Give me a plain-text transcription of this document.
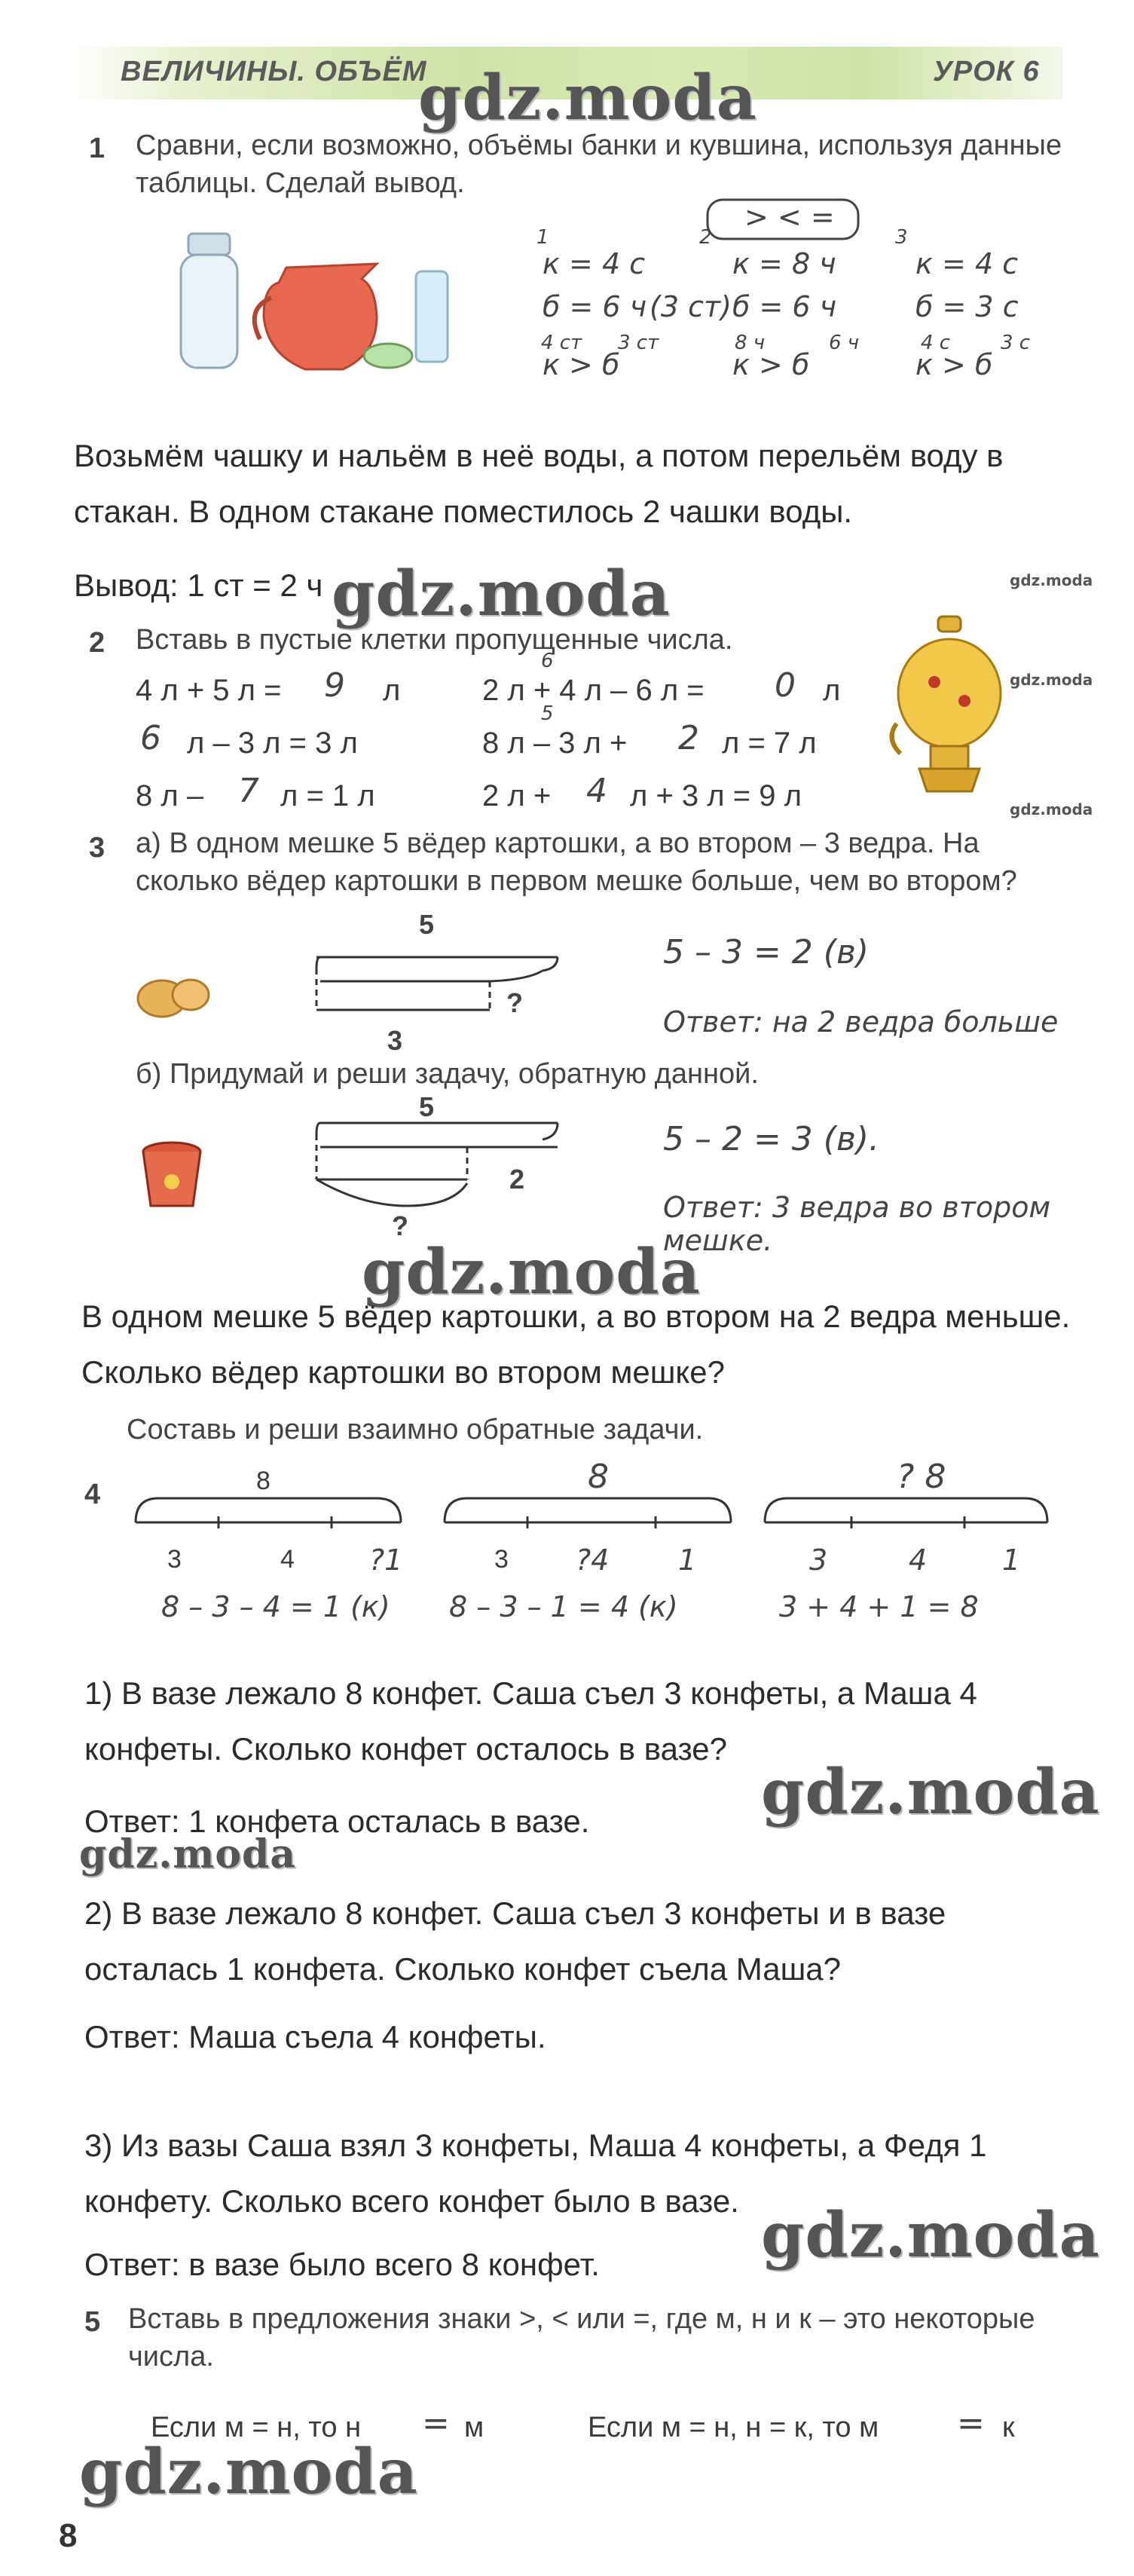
ВЕЛИЧИНЫ. ОБЪЁМ	УРОК 6
gdz.moda
gdz.moda
gdz.moda
gdz.moda
gdz.moda
gdz.moda
gdz.moda
gdz.moda
gdz.moda
gdz.moda
1 Сравни, если возможно, объёмы банки и кувшина, используя данные таблицы. Сделай вывод.
> < =
1
к = 4 с
б = 6 ч (3 ст)
4 ст 3 ст
к > б
2
к = 8 ч
б = 6 ч
8 ч	6 ч
к > б
3
к = 4 с
б = 3 с
4 с	3 с
к > б
Возьмём чашку и нальём в неё воды, а потом перельём воду в стакан. В одном стакане поместилось 2 чашки воды.
Вывод: 1 ст = 2 ч
2 Вставь в пустые клетки пропущенные числа.
4 л + 5 л = 9 л
6 л – 3 л = 3 л
8 л – 7 л = 1 л
6
2 л + 4 л – 6 л = 0 л
5
8 л – 3 л + 2 л = 7 л
2 л + 4 л + 3 л = 9 л
3 а) В одном мешке 5 вёдер картошки, а во втором – 3 ведра. На сколько вёдер картошки в первом мешке больше, чем во втором?
5
3
?
5 – 3 = 2 (в)
Ответ: на 2 ведра больше
б) Придумай и реши задачу, обратную данной.
5
2
?
5 – 2 = 3 (в).
Ответ: 3 ведра во втором мешке.
В одном мешке 5 вёдер картошки, а во втором на 2 ведра меньше. Сколько вёдер картошки во втором мешке?
Составь и реши взаимно обратные задачи.
4	8
3	4	?1
8 – 3 – 4 = 1 (к)
8
3 ?4 1
8 – 3 – 1 = 4 (к)
? 8
3	4	1
3 + 4 + 1 = 8
1) В вазе лежало 8 конфет. Саша съел 3 конфеты, а Маша 4 конфеты. Сколько конфет осталось в вазе?
Ответ: 1 конфета осталась в вазе.
2) В вазе лежало 8 конфет. Саша съел 3 конфеты и в вазе осталась 1 конфета. Сколько конфет съела Маша?
Ответ: Маша съела 4 конфеты.
3) Из вазы Саша взял 3 конфеты, Маша 4 конфеты, а Федя 1 конфету. Сколько всего конфет было в вазе.
Ответ: в вазе было всего 8 конфет.
5 Вставь в предложения знаки >, < или =, где м, н и к – это некоторые числа.
Если м = н, то н = м	Если м = н, н = к, то м = к
8
